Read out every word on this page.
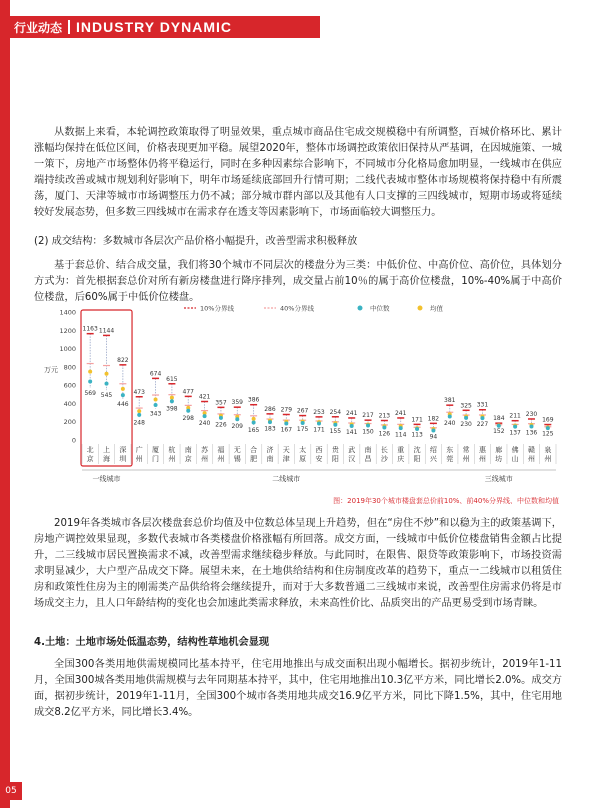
行业动态	INDUSTRY DYNAMIC

从数据上来看，本轮调控政策取得了明显效果，重点城市商品住宅成交规模稳中有所调整，百城价格环比、累计涨幅均保持在低位区间，价格表现更加平稳。展望2020年，整体市场调控政策依旧保持从严基调，在因城施策、一城一策下，房地产市场整体仍将平稳运行，同时在多种因素综合影响下，不同城市分化格局愈加明显，一线城市在供应端持续改善或城市规划利好影响下，明年市场延续底部回升行情可期；二线代表城市整体市场规模将保持稳中有所震荡，厦门、天津等城市市场调整压力仍不减；部分城市群内部以及其他有人口支撑的三四线城市，短期市场或将延续较好发展态势，但多数三四线城市在需求存在透支等因素影响下，市场面临较大调整压力。

(2) 成交结构：多数城市各层次产品价格小幅提升，改善型需求积极释放

基于套总价、结合成交量，我们将30个城市不同层次的楼盘分为三类：中低价位、中高价位、高价位，具体划分方式为：首先根据套总价对所有新房楼盘进行降序排列，成交量占前10％的属于高价位楼盘，10%-40%属于中高价位楼盘，后60%属于中低价位楼盘。

0
200
400
600
800
1000
1200
1400
万元
10%分界线	40%分界线	中位数	均值
1163
569
北
京
1144
545
上
海
822
446
深
圳
473
248
广
州
674
343
厦
门
615
398
杭
州
477
298
南
京
421
240
苏
州
357
226
福
州
359
209
无
锡
386
165
合
肥
286
183
济
南
279
167
天
津
267
175
太
原
253
171
西
安
254
155
贵
阳
241
141
武
汉
217
150
南
昌
213
126
长
沙
241
114
重
庆
171
113
沈
阳
182
94
绍
兴
381
240
东
莞
325
230
常
州
331
227
惠
州
184
152
廊
坊
211
137
佛
山
230
136
赣
州
169
125
泉
州
一线城市	二线城市	三线城市
图：2019年30个城市楼盘套总价前10%、前40%分界线、中位数和均值

2019年各类城市各层次楼盘套总价均值及中位数总体呈现上升趋势，但在“房住不炒”和以稳为主的政策基调下，房地产调控效果显现，多数代表城市各类楼盘价格涨幅有所回落。成交方面，一线城市中低价位楼盘销售金额占比提升，二三线城市居民置换需求不减，改善型需求继续稳步释放。与此同时，在限售、限贷等政策影响下，市场投资需求明显减少，大户型产品成交下降。展望未来，在土地供给结构和住房制度改革的趋势下，重点一二线城市以租赁住房和政策性住房为主的刚需类产品供给将会继续提升，而对于大多数普通二三线城市来说，改善型住房需求仍将是市场成交主力，且人口年龄结构的变化也会加速此类需求释放，未来高性价比、品质突出的产品更易受到市场青睐。

4.土地：土地市场处低温态势，结构性草地机会显现

全国300各类用地供需规模同比基本持平，住宅用地推出与成交面积出现小幅增长。据初步统计，2019年1-11月，全国300城各类用地供需规模与去年同期基本持平，其中，住宅用地推出10.3亿平方米，同比增长2.0%。成交方面，据初步统计，2019年1-11月，全国300个城市各类用地共成交16.9亿平方米，同比下降1.5%，其中，住宅用地成交8.2亿平方米，同比增长3.4%。

05
